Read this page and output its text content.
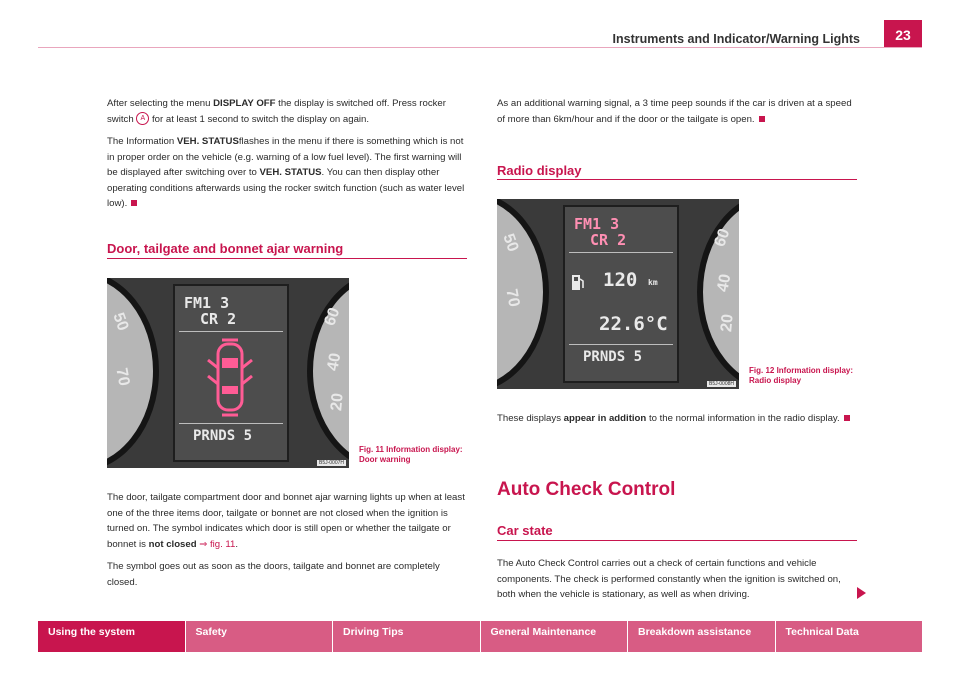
Instruments and Indicator/Warning Lights	23

After selecting the menu DISPLAY OFF the display is switched off. Press rocker switch A for at least 1 second to switch the display on again.

The Information VEH. STATUSflashes in the menu if there is something which is not in proper order on the vehicle (e.g. warning of a low fuel level). The first warning will be displayed after switching over to VEH. STATUS. You can then display other operating conditions afterwards using the rocker switch function (such as water level low).

Door, tailgate and bonnet ajar warning
50
70
60
40
20
FM1 3
CR 2
PRNDS 5
B5J-0007H
Fig. 11 Information display: Door warning

The door, tailgate compartment door and bonnet ajar warning lights up when at least one of the three items door, tailgate or bonnet are not closed when the ignition is turned on. The symbol indicates which door is still open or whether the tailgate or bonnet is not closed ⇒ fig. 11.

The symbol goes out as soon as the doors, tailgate and bonnet are completely closed.

As an additional warning signal, a 3 time peep sounds if the car is driven at a speed of more than 6km/hour and if the door or the tailgate is open.

Radio display
50
70
60
40
20
FM1 3
CR 2
120 km
22.6°C
PRNDS 5
B5J-0008H
Fig. 12 Information display: Radio display

These displays appear in addition to the normal information in the radio display.

Auto Check Control
Car state

The Auto Check Control carries out a check of certain functions and vehicle components. The check is performed constantly when the ignition is switched on, both when the vehicle is stationary, as well as when driving.

Using the system	Safety	Driving Tips	General Maintenance	Breakdown assistance	Technical Data
